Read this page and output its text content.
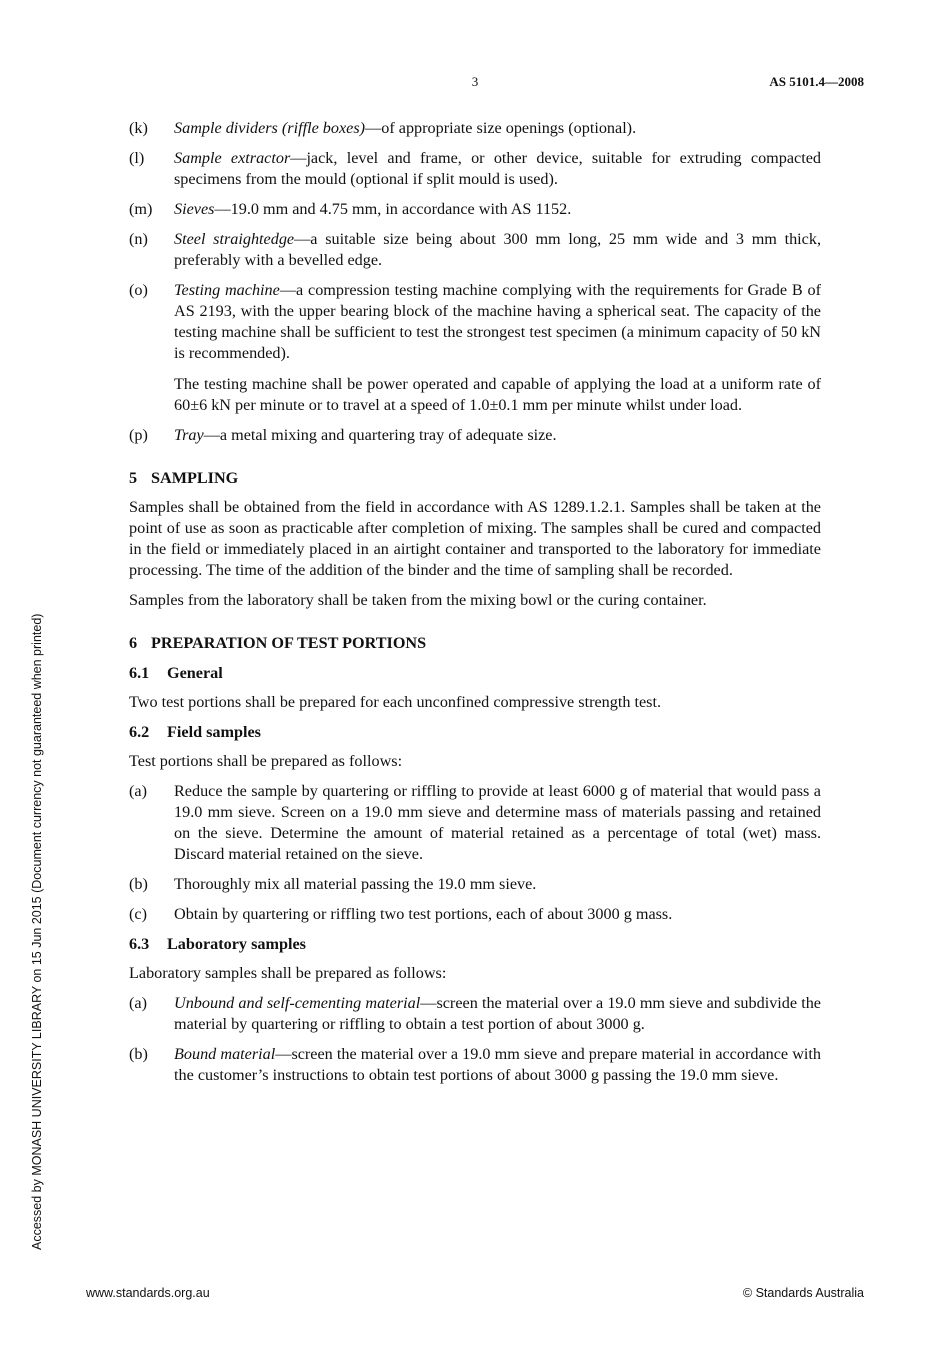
3	AS 5101.4—2008
Accessed by MONASH UNIVERSITY LIBRARY on 15 Jun 2015 (Document currency not guaranteed when printed)
(k)	Sample dividers (riffle boxes)—of appropriate size openings (optional).

(l)	Sample extractor—jack, level and frame, or other device, suitable for extruding compacted specimens from the mould (optional if split mould is used).

(m)	Sieves—19.0 mm and 4.75 mm, in accordance with AS 1152.

(n)	Steel straightedge—a suitable size being about 300 mm long, 25 mm wide and 3 mm thick, preferably with a bevelled edge.

(o)	Testing machine—a compression testing machine complying with the requirements for Grade B of AS 2193, with the upper bearing block of the machine having a spherical seat. The capacity of the testing machine shall be sufficient to test the strongest test specimen (a minimum capacity of 50 kN is recommended).

The testing machine shall be power operated and capable of applying the load at a uniform rate of 60±6 kN per minute or to travel at a speed of 1.0±0.1 mm per minute whilst under load.

(p)	Tray—a metal mixing and quartering tray of adequate size.

5 SAMPLING

Samples shall be obtained from the field in accordance with AS 1289.1.2.1. Samples shall be taken at the point of use as soon as practicable after completion of mixing. The samples shall be cured and compacted in the field or immediately placed in an airtight container and transported to the laboratory for immediate processing. The time of the addition of the binder and the time of sampling shall be recorded.

Samples from the laboratory shall be taken from the mixing bowl or the curing container.

6 PREPARATION OF TEST PORTIONS
6.1 General

Two test portions shall be prepared for each unconfined compressive strength test.

6.2 Field samples

Test portions shall be prepared as follows:

(a)	Reduce the sample by quartering or riffling to provide at least 6000 g of material that would pass a 19.0 mm sieve. Screen on a 19.0 mm sieve and determine mass of materials passing and retained on the sieve. Determine the amount of material retained as a percentage of total (wet) mass. Discard material retained on the sieve.

(b)	Thoroughly mix all material passing the 19.0 mm sieve.

(c)	Obtain by quartering or riffling two test portions, each of about 3000 g mass.

6.3 Laboratory samples

Laboratory samples shall be prepared as follows:

(a)	Unbound and self-cementing material—screen the material over a 19.0 mm sieve and subdivide the material by quartering or riffling to obtain a test portion of about 3000 g.

(b)	Bound material—screen the material over a 19.0 mm sieve and prepare material in accordance with the customer’s instructions to obtain test portions of about 3000 g passing the 19.0 mm sieve.

www.standards.org.au	© Standards Australia
